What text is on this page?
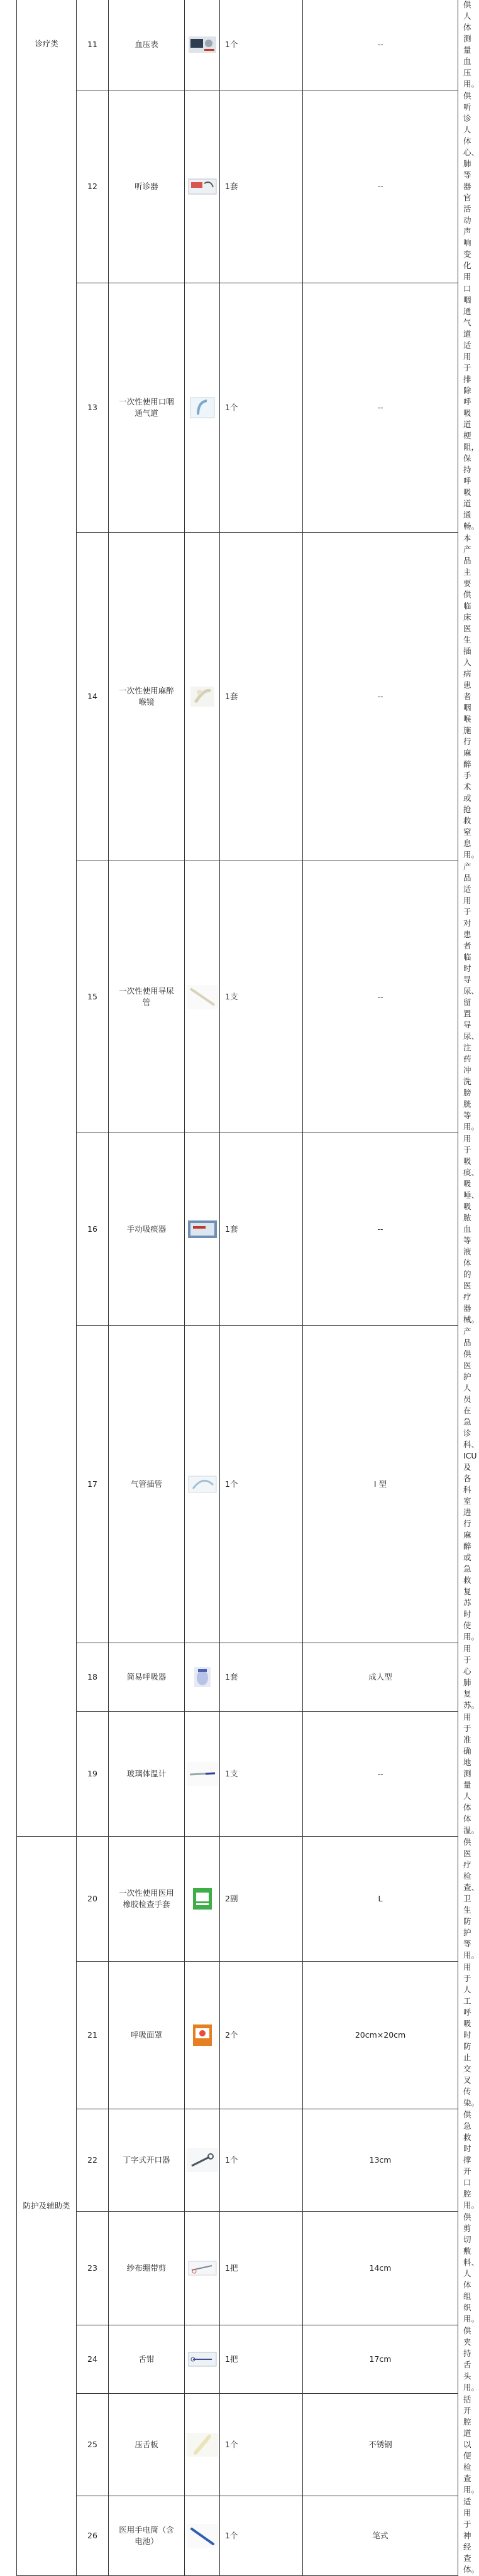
诊疗类	11	血压表		1个	--	供人体测量血压用。
	12	听诊器		1套	--	供听诊人体心、肺等器官活动声响变化用
	13	一次性使用口咽通气道		1个	--	口咽通气道适用于排除呼吸道梗阻，保持呼吸道通畅。
	14	一次性使用麻醉喉镜		1套	--	本产品主要供临床医生插入病患者咽喉施行麻醉手术或抢救窒息用。
	15	一次性使用导尿管		1支	--	产品适用于对患者临时导尿、留置导尿、注药冲洗膀胱等用。
	16	手动吸痰器		1套	--	用于吸痰、吸唾、吸脓血等液体的医疗器械。
	17	气管插管		1个	I 型	产品供医护人员在急诊科、ICU及各科室进行麻醉或急救复苏时使用。
	18	简易呼吸器		1套	成人型	用于心肺复苏。
	19	玻璃体温计		1支	--	用于准确地测量人体体温。
防护及辅助类	20	一次性使用医用橡胶检查手套		2副	L	供医疗检查、卫生防护等用。
	21	呼吸面罩		2个	20cm×20cm	用于人工呼吸时防止交叉传染。
	22	丁字式开口器		1个	13cm	供急救时撑开口腔用。
	23	纱布绷带剪		1把	14cm	供剪切敷料、人体组织用。
	24	舌钳		1把	17cm	供夹持舌头用。
	25	压舌板		1个	不锈钢	括开腔道以便检查用。
	26	医用手电筒（含电池）		1个	笔式	适用于神经查体。
